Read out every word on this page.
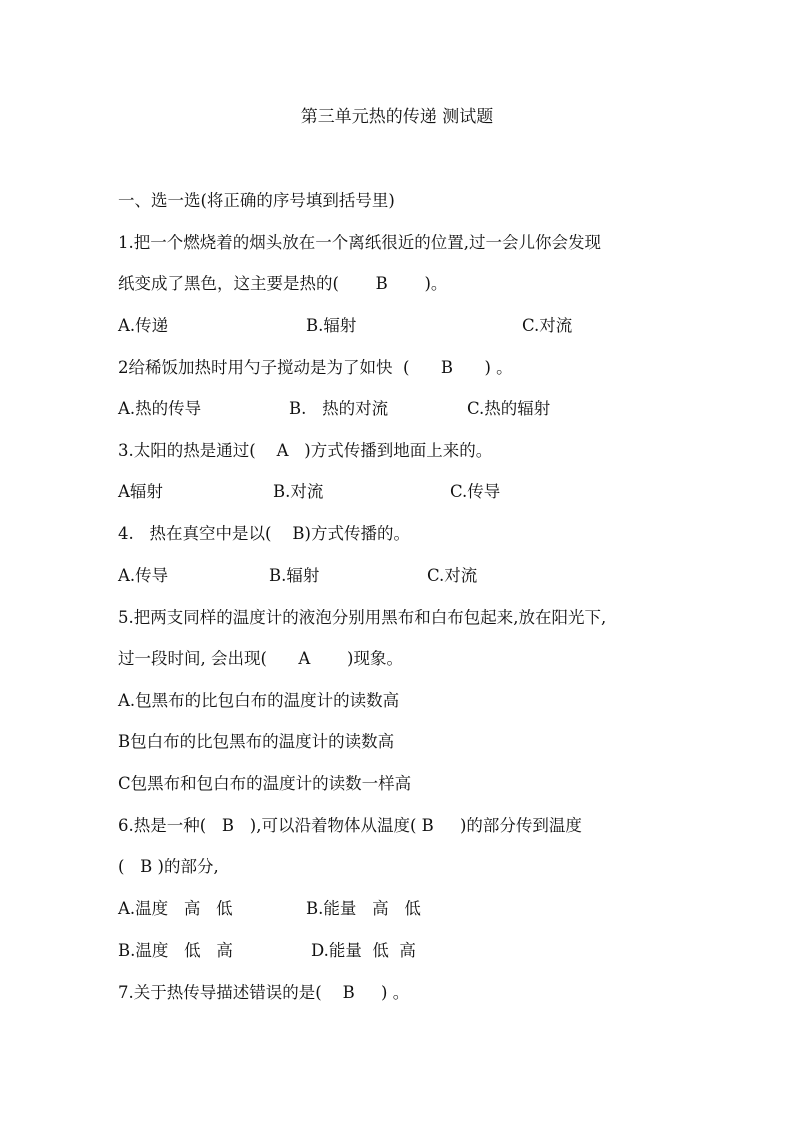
第三单元热的传递 测试题
一、选一选(将正确的序号填到括号里)
1.把一个燃烧着的烟头放在一个离纸很近的位置,过一会儿你会发现
纸变成了黑色，这主要是热的(       B       )。
A.传递	B.辐射	C.对流
2给稀饭加热时用勺子搅动是为了如快  (      B      ) 。
A.热的传导	B.   热的对流	C.热的辐射
3.太阳的热是通过(    A   )方式传播到地面上来的。
A辐射	B.对流	C.传导
4.   热在真空中是以(    B)方式传播的。
A.传导	B.辐射	C.对流
5.把两支同样的温度计的液泡分别用黑布和白布包起来,放在阳光下,
过一段时间, 会出现(      A       )现象。
A.包黑布的比包白布的温度计的读数高
B包白布的比包黑布的温度计的读数高
C包黑布和包白布的温度计的读数一样高
6.热是一种(   B   ),可以沿着物体从温度( B     )的部分传到温度
(   B )的部分,
A.温度   高   低	B.能量   高   低
B.温度   低   高	D.能量  低  高
7.关于热传导描述错误的是(    B     ) 。
